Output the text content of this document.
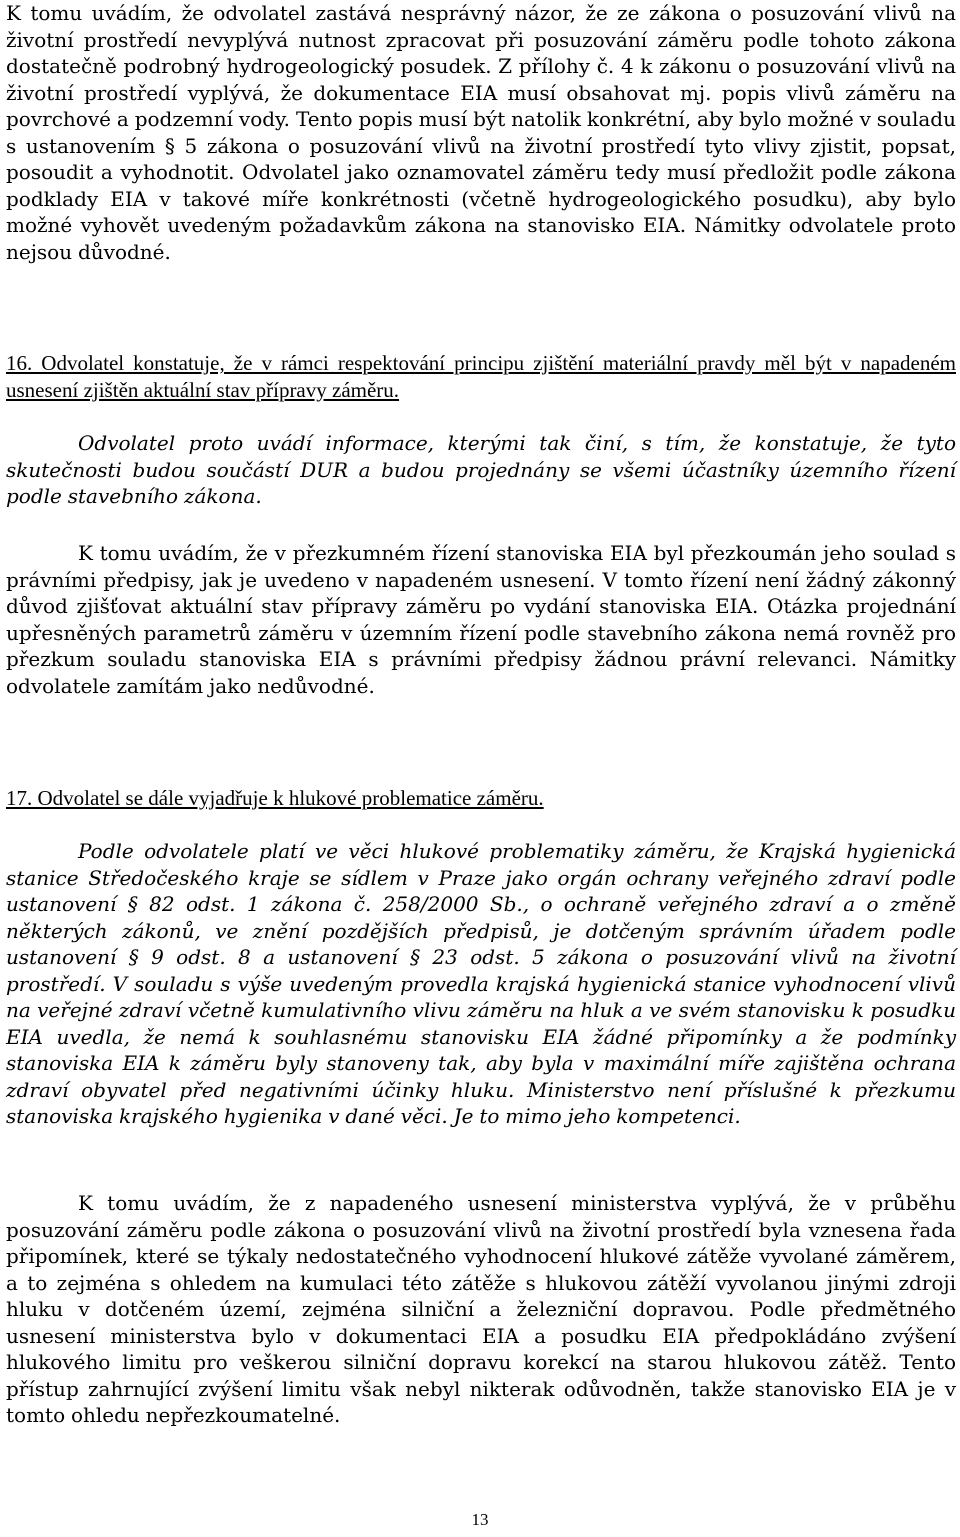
K tomu uvádím, že odvolatel zastává nesprávný názor, že ze zákona o posuzování vlivů na životní prostředí nevyplývá nutnost zpracovat při posuzování záměru podle tohoto zákona dostatečně podrobný hydrogeologický posudek. Z přílohy č. 4 k zákonu o posuzování vlivů na životní prostředí vyplývá, že dokumentace EIA musí obsahovat mj. popis vlivů záměru na povrchové a podzemní vody. Tento popis musí být natolik konkrétní, aby bylo možné v souladu s ustanovením § 5 zákona o posuzování vlivů na životní prostředí tyto vlivy zjistit, popsat, posoudit a vyhodnotit. Odvolatel jako oznamovatel záměru tedy musí předložit podle zákona podklady EIA v takové míře konkrétnosti (včetně hydrogeologického posudku), aby bylo možné vyhovět uvedeným požadavkům zákona na stanovisko EIA. Námitky odvolatele proto nejsou důvodné.

16. Odvolatel konstatuje, že v rámci respektování principu zjištění materiální pravdy měl být v napadeném usnesení zjištěn aktuální stav přípravy záměru.

Odvolatel proto uvádí informace, kterými tak činí, s tím, že konstatuje, že tyto skutečnosti budou součástí DUR a budou projednány se všemi účastníky územního řízení podle stavebního zákona.

K tomu uvádím, že v přezkumném řízení stanoviska EIA byl přezkoumán jeho soulad s právními předpisy, jak je uvedeno v napadeném usnesení. V tomto řízení není žádný zákonný důvod zjišťovat aktuální stav přípravy záměru po vydání stanoviska EIA. Otázka projednání upřesněných parametrů záměru v územním řízení podle stavebního zákona nemá rovněž pro přezkum souladu stanoviska EIA s právními předpisy žádnou právní relevanci. Námitky odvolatele zamítám jako nedůvodné.

17. Odvolatel se dále vyjadřuje k hlukové problematice záměru.

Podle odvolatele platí ve věci hlukové problematiky záměru, že Krajská hygienická stanice Středočeského kraje se sídlem v Praze jako orgán ochrany veřejného zdraví podle ustanovení § 82 odst. 1 zákona č. 258/2000 Sb., o ochraně veřejného zdraví a o změně některých zákonů, ve znění pozdějších předpisů, je dotčeným správním úřadem podle ustanovení § 9 odst. 8 a ustanovení § 23 odst. 5 zákona o posuzování vlivů na životní prostředí. V souladu s výše uvedeným provedla krajská hygienická stanice vyhodnocení vlivů na veřejné zdraví včetně kumulativního vlivu záměru na hluk a ve svém stanovisku k posudku EIA uvedla, že nemá k souhlasnému stanovisku EIA žádné připomínky a že podmínky stanoviska EIA k záměru byly stanoveny tak, aby byla v maximální míře zajištěna ochrana zdraví obyvatel před negativními účinky hluku. Ministerstvo není příslušné k přezkumu stanoviska krajského hygienika v dané věci. Je to mimo jeho kompetenci.

K tomu uvádím, že z napadeného usnesení ministerstva vyplývá, že v průběhu posuzování záměru podle zákona o posuzování vlivů na životní prostředí byla vznesena řada připomínek, které se týkaly nedostatečného vyhodnocení hlukové zátěže vyvolané záměrem, a to zejména s ohledem na kumulaci této zátěže s hlukovou zátěží vyvolanou jinými zdroji hluku v dotčeném území, zejména silniční a železniční dopravou. Podle předmětného usnesení ministerstva bylo v dokumentaci EIA a posudku EIA předpokládáno zvýšení hlukového limitu pro veškerou silniční dopravu korekcí na starou hlukovou zátěž. Tento přístup zahrnující zvýšení limitu však nebyl nikterak odůvodněn, takže stanovisko EIA je v tomto ohledu nepřezkoumatelné.

13
